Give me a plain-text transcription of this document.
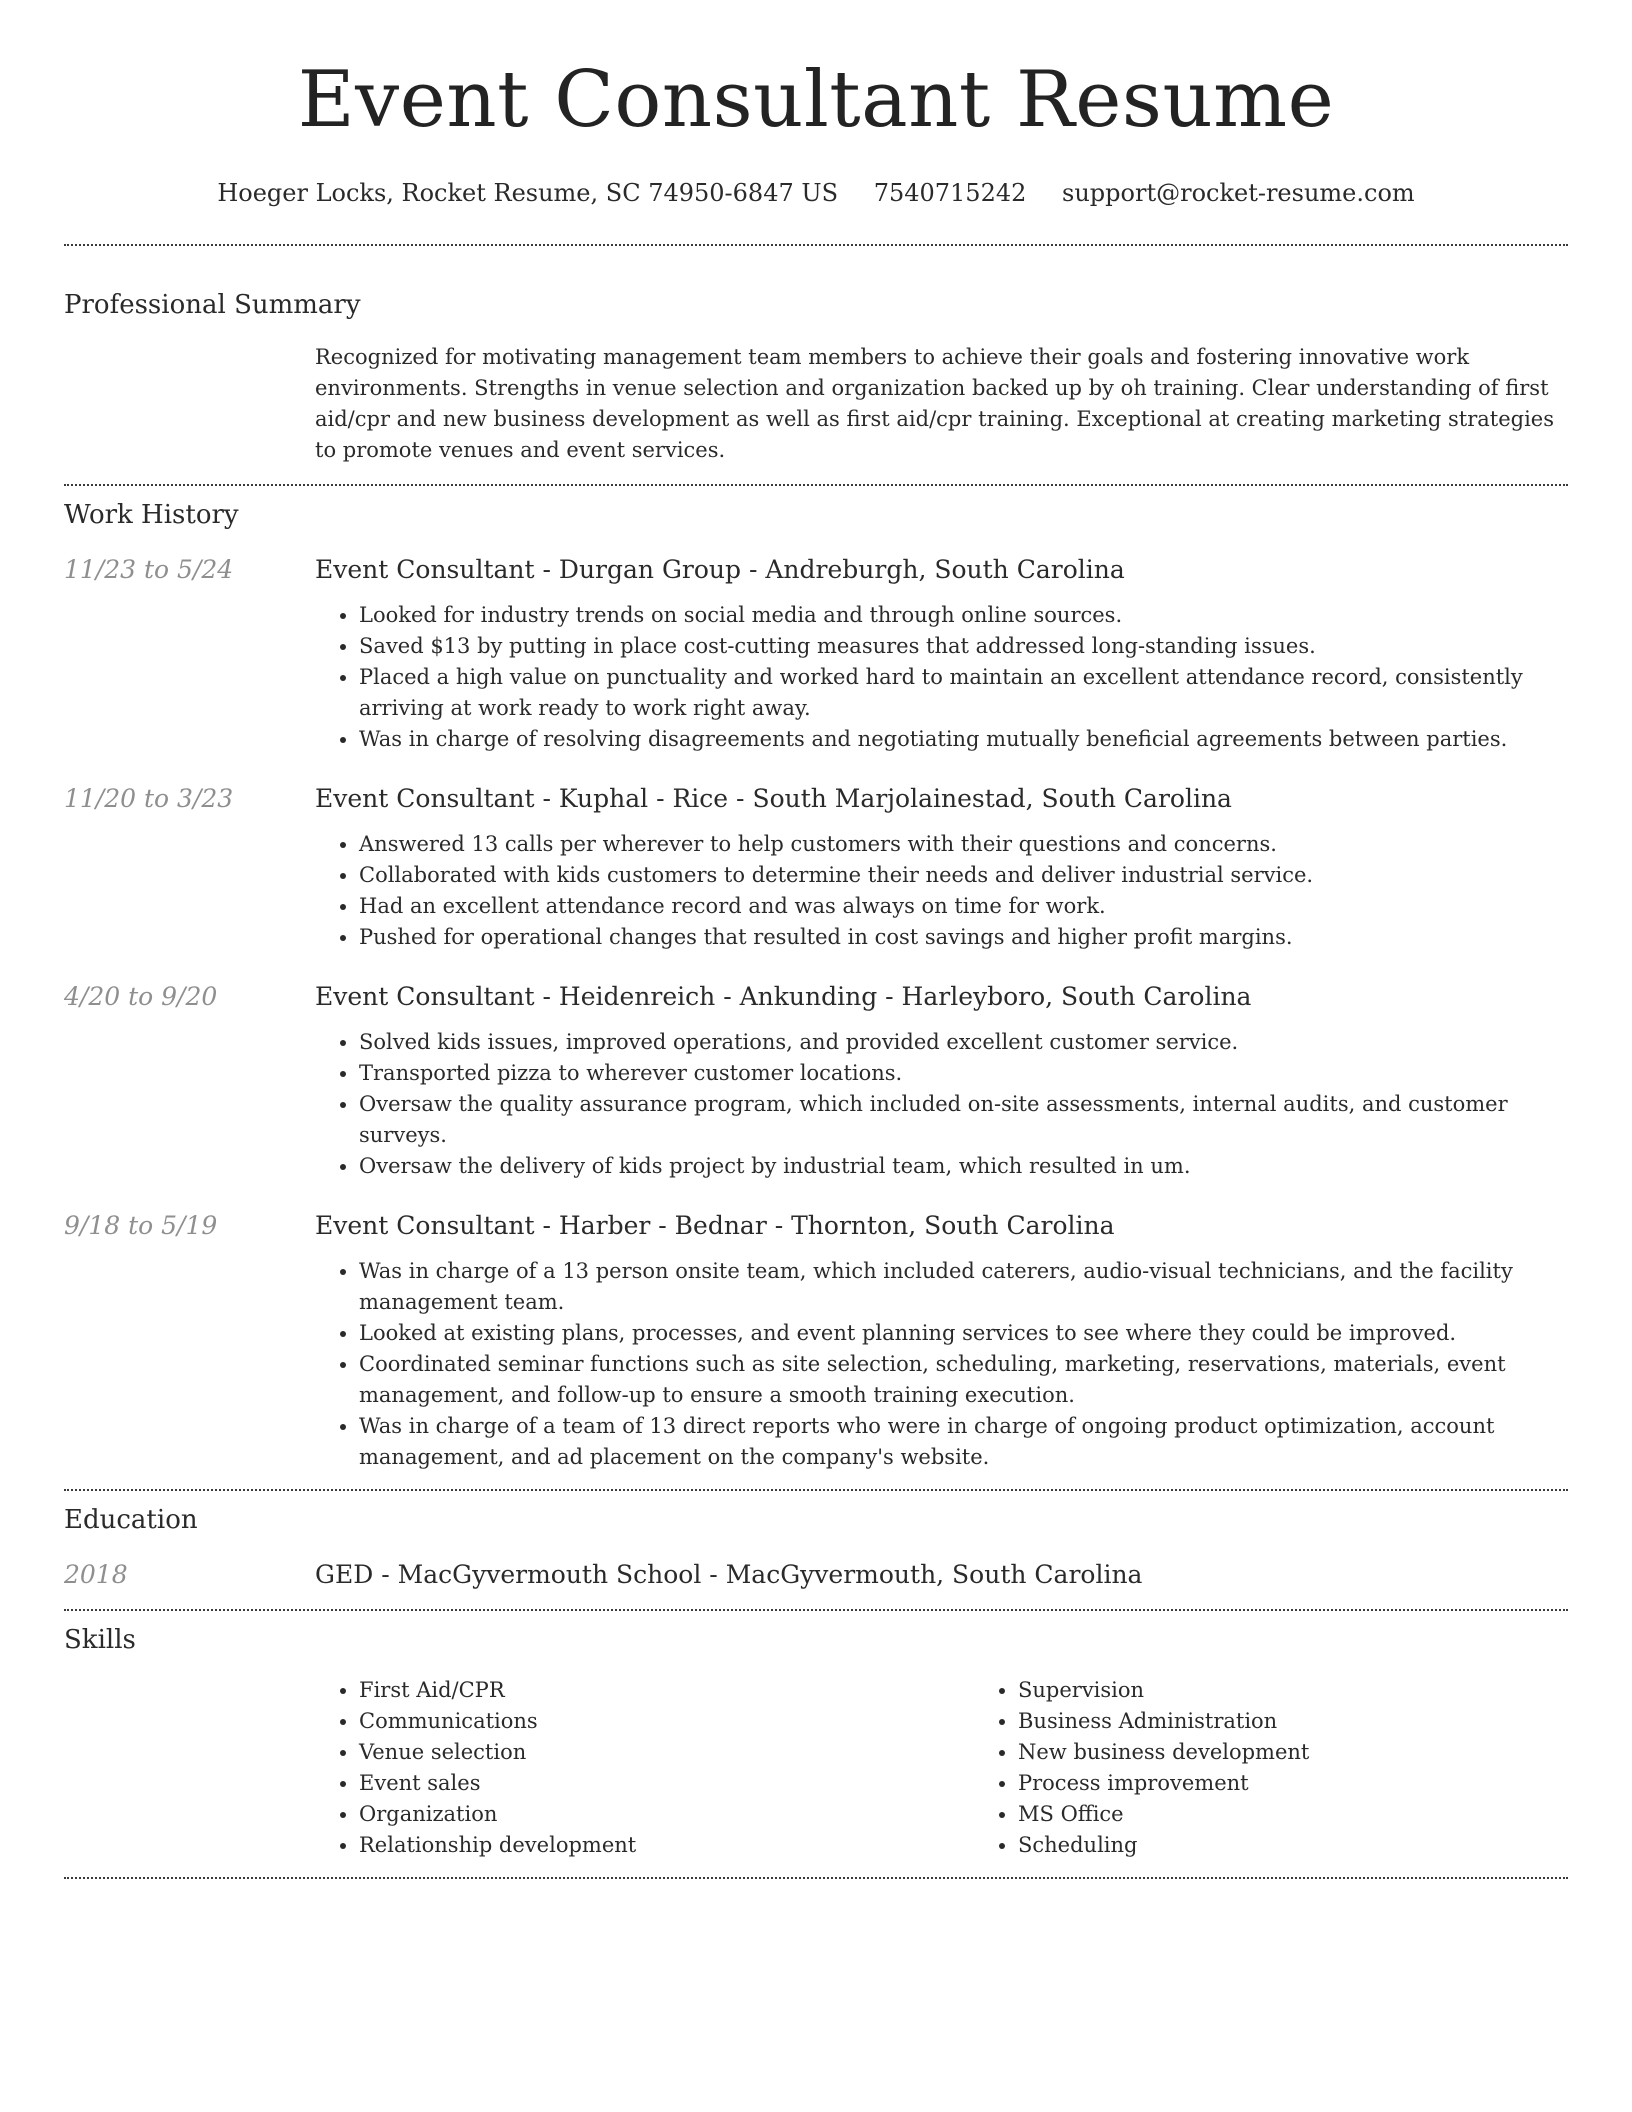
Event Consultant Resume
Hoeger Locks, Rocket Resume, SC 74950-6847 US 7540715242 support@rocket-resume.com
Professional Summary

Recognized for motivating management team members to achieve their goals and fostering innovative work environments. Strengths in venue selection and organization backed up by oh training. Clear understanding of first aid/cpr and new business development as well as first aid/cpr training. Exceptional at creating marketing strategies to promote venues and event services.

Work History
11/23 to 5/24	Event Consultant - Durgan Group - Andreburgh, South Carolina

• Looked for industry trends on social media and through online sources.
• Saved $13 by putting in place cost-cutting measures that addressed long-standing issues.
• Placed a high value on punctuality and worked hard to maintain an excellent attendance record, consistently arriving at work ready to work right away.
• Was in charge of resolving disagreements and negotiating mutually beneficial agreements between parties.
11/20 to 3/23	Event Consultant - Kuphal - Rice - South Marjolainestad, South Carolina

• Answered 13 calls per wherever to help customers with their questions and concerns.
• Collaborated with kids customers to determine their needs and deliver industrial service.
• Had an excellent attendance record and was always on time for work.
• Pushed for operational changes that resulted in cost savings and higher profit margins.
4/20 to 9/20	Event Consultant - Heidenreich - Ankunding - Harleyboro, South Carolina

• Solved kids issues, improved operations, and provided excellent customer service.
• Transported pizza to wherever customer locations.
• Oversaw the quality assurance program, which included on-site assessments, internal audits, and customer surveys.
• Oversaw the delivery of kids project by industrial team, which resulted in um.
9/18 to 5/19	Event Consultant - Harber - Bednar - Thornton, South Carolina

• Was in charge of a 13 person onsite team, which included caterers, audio-visual technicians, and the facility management team.
• Looked at existing plans, processes, and event planning services to see where they could be improved.
• Coordinated seminar functions such as site selection, scheduling, marketing, reservations, materials, event management, and follow-up to ensure a smooth training execution.
• Was in charge of a team of 13 direct reports who were in charge of ongoing product optimization, account management, and ad placement on the company's website.
Education
2018	GED - MacGyvermouth School - MacGyvermouth, South Carolina

Skills
• First Aid/CPR
• Communications
• Venue selection
• Event sales
• Organization
• Relationship development
• Supervision
• Business Administration
• New business development
• Process improvement
• MS Office
• Scheduling
